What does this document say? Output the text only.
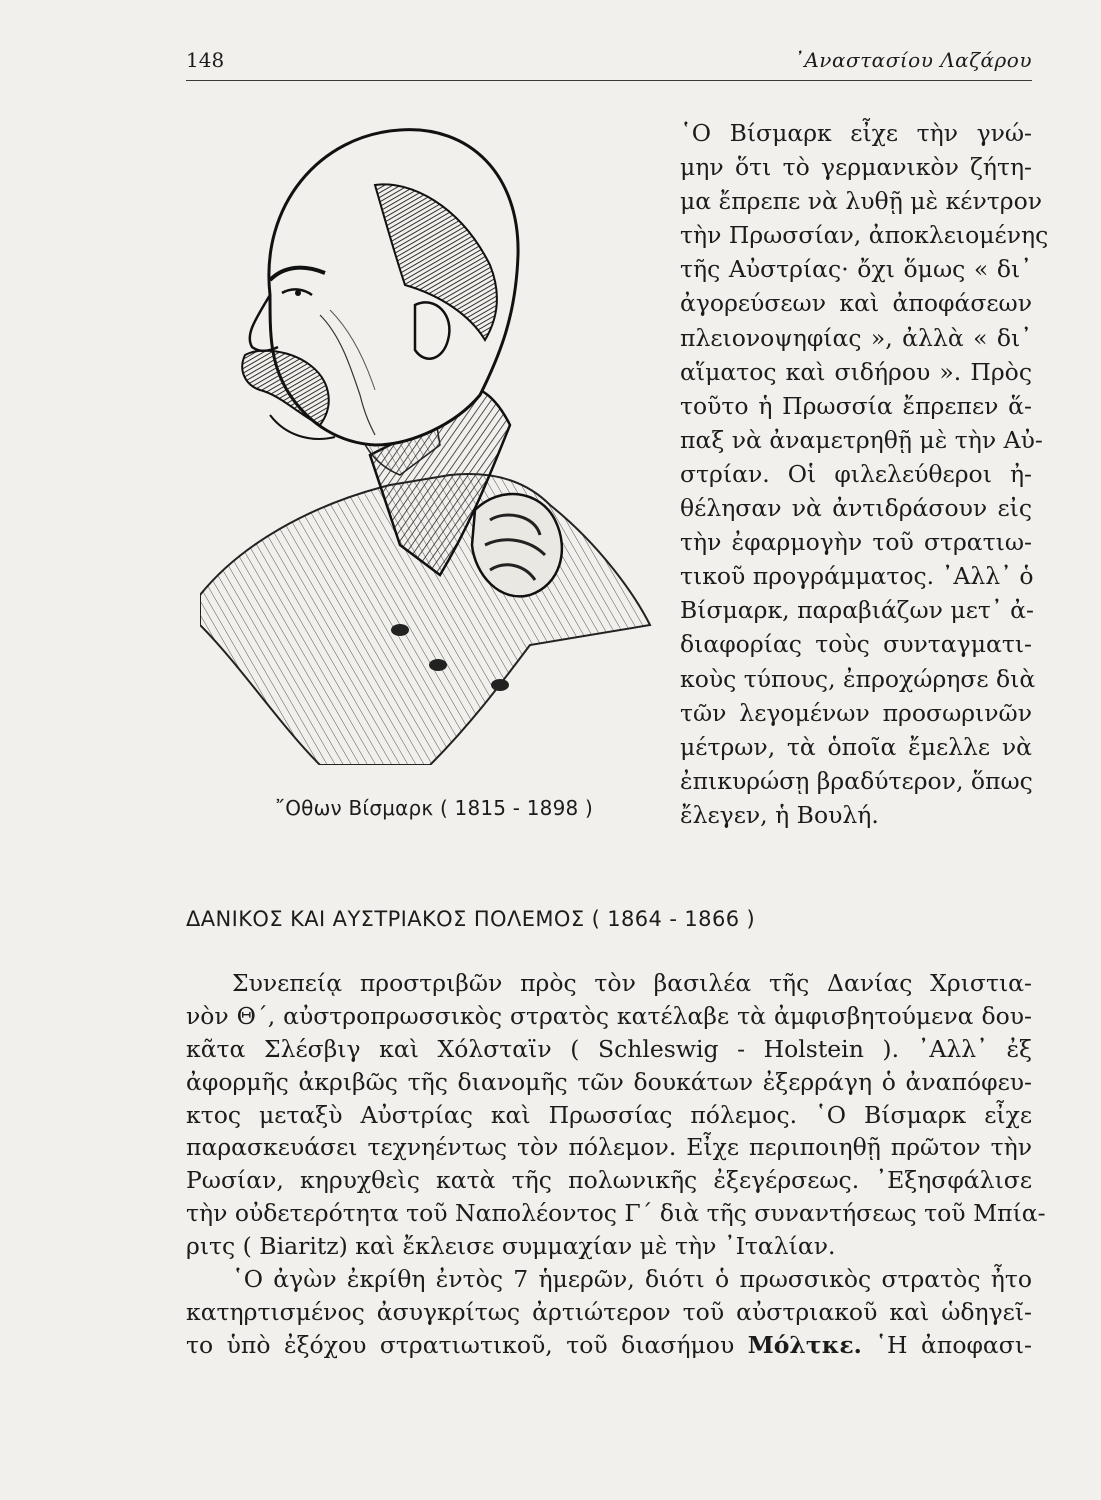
148	᾿Αναστασίου Λαζάρου
῎Οθων Βίσμαρκ ( 1815 - 1898 )
῾Ο Βίσμαρκ εἶχε τὴν γνώ-
μην ὅτι τὸ γερμανικὸν ζήτη-
μα ἔπρεπε νὰ λυθῇ μὲ κέντρον
τὴν Πρωσσίαν, ἀποκλειομένης
τῆς Αὐστρίας· ὄχι ὅμως « δι᾿
ἀγορεύσεων καὶ ἀποφάσεων
πλειονοψηφίας », ἀλλὰ « δι᾿
αἵματος καὶ σιδήρου ». Πρὸς
τοῦτο ἡ Πρωσσία ἔπρεπεν ἅ-
παξ νὰ ἀναμετρηθῇ μὲ τὴν Αὐ-
στρίαν. Οἱ φιλελεύθεροι ἠ-
θέλησαν νὰ ἀντιδράσουν εἰς
τὴν ἐφαρμογὴν τοῦ στρατιω-
τικοῦ προγράμματος. ᾿Αλλ᾿ ὁ
Βίσμαρκ, παραβιάζων μετ᾿ ἀ-
διαφορίας τοὺς συνταγματι-
κοὺς τύπους, ἐπροχώρησε διὰ
τῶν λεγομένων προσωρινῶν
μέτρων, τὰ ὁποῖα ἔμελλε νὰ
ἐπικυρώσῃ βραδύτερον, ὅπως
ἔλεγεν, ἡ Βουλή.
ΔΑΝΙΚΟΣ ΚΑΙ ΑΥΣΤΡΙΑΚΟΣ ΠΟΛΕΜΟΣ ( 1864 - 1866 )
Συνεπείᾳ προστριβῶν πρὸς τὸν βασιλέα τῆς Δανίας Χριστια-
νὸν Θ΄, αὐστροπρωσσικὸς στρατὸς κατέλαβε τὰ ἀμφισβητούμενα δου-
κᾶτα Σλέσβιγ καὶ Χόλσταϊν ( Schleswig - Holstein ). ᾿Αλλ᾿ ἐξ
ἀφορμῆς ἀκριβῶς τῆς διανομῆς τῶν δουκάτων ἐξερράγη ὁ ἀναπόφευ-
κτος μεταξὺ Αὐστρίας καὶ Πρωσσίας πόλεμος. ῾Ο Βίσμαρκ εἶχε
παρασκευάσει τεχνηέντως τὸν πόλεμον. Εἶχε περιποιηθῇ πρῶτον τὴν
Ρωσίαν, κηρυχθεὶς κατὰ τῆς πολωνικῆς ἐξεγέρσεως. ᾿Εξησφάλισε
τὴν οὐδετερότητα τοῦ Ναπολέοντος Γ΄ διὰ τῆς συναντήσεως τοῦ Μπία-
ριτς ( Biaritz) καὶ ἔκλεισε συμμαχίαν μὲ τὴν ᾿Ιταλίαν.
῾Ο ἀγὼν ἐκρίθη ἐντὸς 7 ἡμερῶν, διότι ὁ πρωσσικὸς στρατὸς ἦτο
κατηρτισμένος ἀσυγκρίτως ἀρτιώτερον τοῦ αὐστριακοῦ καὶ ὡδηγεῖ-
το ὑπὸ ἐξόχου στρατιωτικοῦ, τοῦ διασήμου Μόλτκε. ῾Η ἀποφασι-
